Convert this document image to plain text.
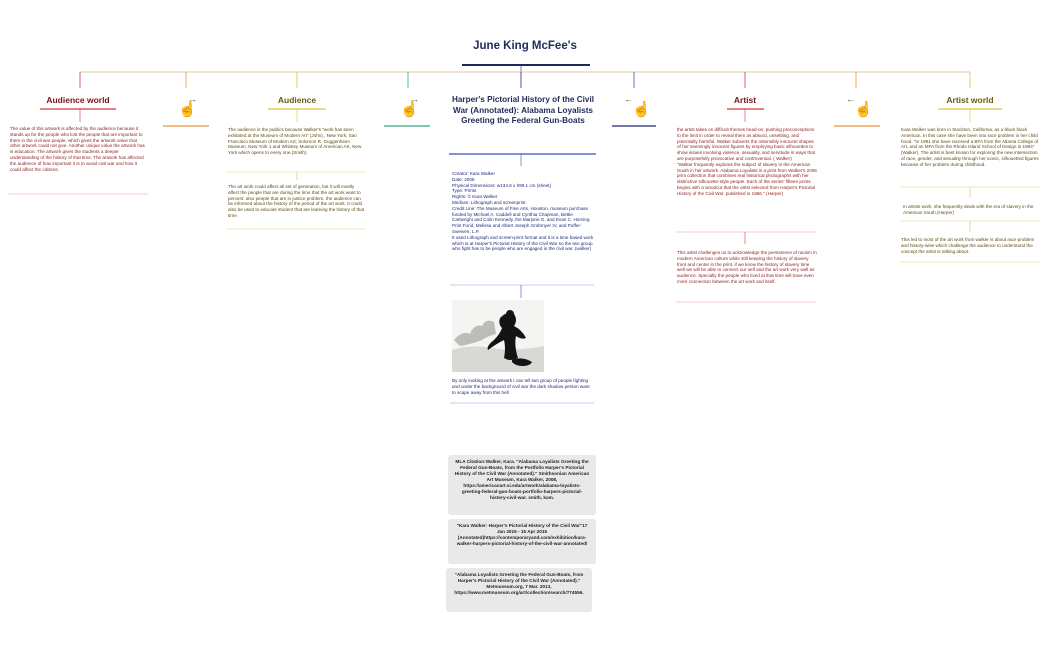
June King McFee's
Audience world
The value of this artwork is affected by the audience because it stands up for the people who lost the people that are important to them in the civil war people, which gives the artwork value that other artwork could not give. Another unique value the artwork has is education. The artwork gives the students a deeper understanding of the history of that time. The artwork has affected the audience of how important it is to avoid civil war and how it could affect the citizens.
→
☝
→
☝
←
☝
←
☝
Audience
The audience is the publics because Walker's "work has been exhibited at the Museum of Modern Art" (John) , New York; San Francisco Museum of Modern Art; Solomon R. Guggenheim Museum, New York 1 and Whitney Museum of American Art, New York which opens to every one.(Smith)
The art work could affect all set of generation, but it will mostly affect the people that are during the time that the art work want to percent. also people that are in justice problem. the audience can be informed about the history of the period of the art work. It could also be used to educate student that are learning the history of that time.
Harper's Pictorial History of the Civil War (Annotated): Alabama Loyalists Greeting the Federal Gun-Boats
Creator: Kara Walker
Date: 2005
Physical Dimensions: w134.6 x h99.1 cm (sheet)
Type: Prints
Rights: © Kara Walker
Medium: Lithograph and screenprint
Credit Line: The Museum of Fine Arts, Houston, museum purchase funded by Michael A. Caddell and Cynthia Chapman, Bettie Cartwright and Colin Kennedy, the Marjorie G. and Evan C. Horning Print Fund, Melissa and Albert Joseph Grobmyer IV, and Puffer-Sweiven, L.P.
It used Lithograph and screen-print format and it is a time based work which is at Harper's Pictorial History of the Civil War so the two group who fight has to be people who are engaged in the civil war. (walker)
By only looking at the artwork I can tell two group of people fighting and under the background of civil war the dark shadow person want to scape away from this hell
MLA Citation:Walker, Kara. "Alabama Loyalists Greeting the Federal Gun-Boats, from the Portfolio Harper's Pictorial History of the Civil War (Annotated)." Smithsonian American Art Museum, Kara Walker, 2008, https://americanart.si.edu/artwork/alabama-loyalists-greeting-federal-gun-boats-portfolio-harpers-pictorial-history-civil-war. smith, kam.
"Kara Walker: Harper's Pictorial History of the Civil War"17 Jan 2015 - 15 Apr 2015 (Annotated)https://contemporaryand.com/exhibition/kara-walker-harpers-pictorial-history-of-the-civil-war-annotated/
"Alabama Loyalists Greeting the Federal Gun-Boats, from Harper's Pictorial History of the Civil War (Annotated)." Metmuseum.org, 7 Mar. 2013, https://www.metmuseum.org/art/collection/search/774556.
Artist
the artist takes on difficult themes head-on, pushing preconceptions to the limit in order to reveal them as absurd, unsettling, and potentially harmful. Walker subverts the ostensibly innocent shapes of her seemingly innocent figures by employing basic silhouettes to show issues involving violence, sexuality, and servitude in ways that are purposefully provocative and controversial. ( Walker)
"Walker frequently explores the subject of slavery in the American South in her artwork. Alabama Loyalists is a print from Walker's 2005 print collection that combines real historical photographs with her distinctive silhouette-style people. Each of the series' fifteen prints begins with a woodcut that the artist selected from Harper's Pictorial History of the Civil War, published in 1866." (Harper)
This artist challenges us to acknowledge the persistence of racism in modern American culture while still keeping the history of slavery front and center in the print. if we know the history of slavery time well we will be able to connect our self and the art work very well as audience. Specially the people who lived at that time will have even more connection between the art work and itself.
Artist world
Kara Walker was born in Stockton, California, as a black black American. In this case she have been into race problem in her child hood. "In 1991 she have received a BFA from the Atlanta College of Art, and an MFA from the Rhode Island School of Design in 1994"(Walker). The artist is best known for exploring the new intersection of race, gender, and sexuality through her iconic, silhouetted figures because of her problem during childhood.
In artists work, she frequently deals with the era of slavery in the American South.(Harper)
This led to most of the art work from walker is about race problem and history-wise which challenge the audience to understand the concept the artist is talking about.
